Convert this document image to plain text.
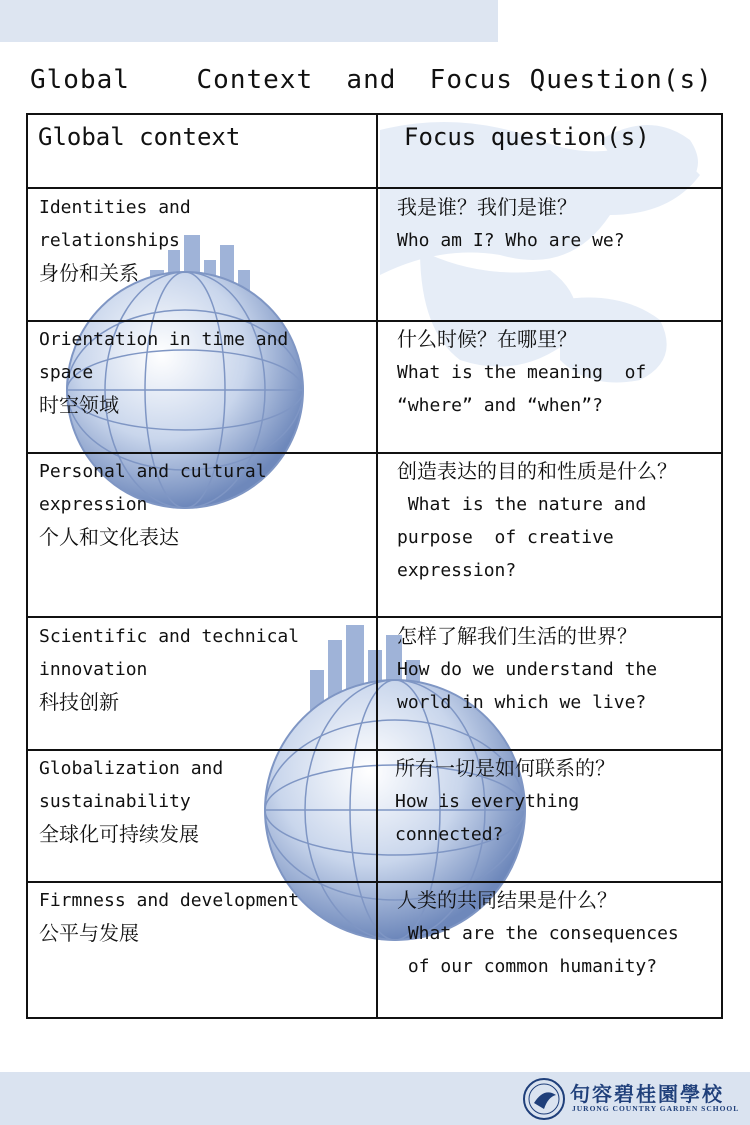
Global    Context  and  Focus Question(s)
Global context	Focus question(s)
Identities and
relationships
身份和关系
我是谁？我们是谁？
Who am I? Who are we?
Orientation in time and
space
时空领域
什么时候？在哪里？
What is the meaning  of
“where” and “when”?
Personal and cultural
expression
个人和文化表达
创造表达的目的和性质是什么？
What is the nature and
purpose  of creative
expression?
Scientific and technical
innovation
科技创新
怎样了解我们生活的世界？
How do we understand the
world in which we live?
Globalization and
sustainability
全球化可持续发展
所有一切是如何联系的？
How is everything
connected?
Firmness and development
公平与发展
人类的共同结果是什么？
What are the consequences
of our common humanity?
句容碧桂園學校
JURONG COUNTRY GARDEN SCHOOL
